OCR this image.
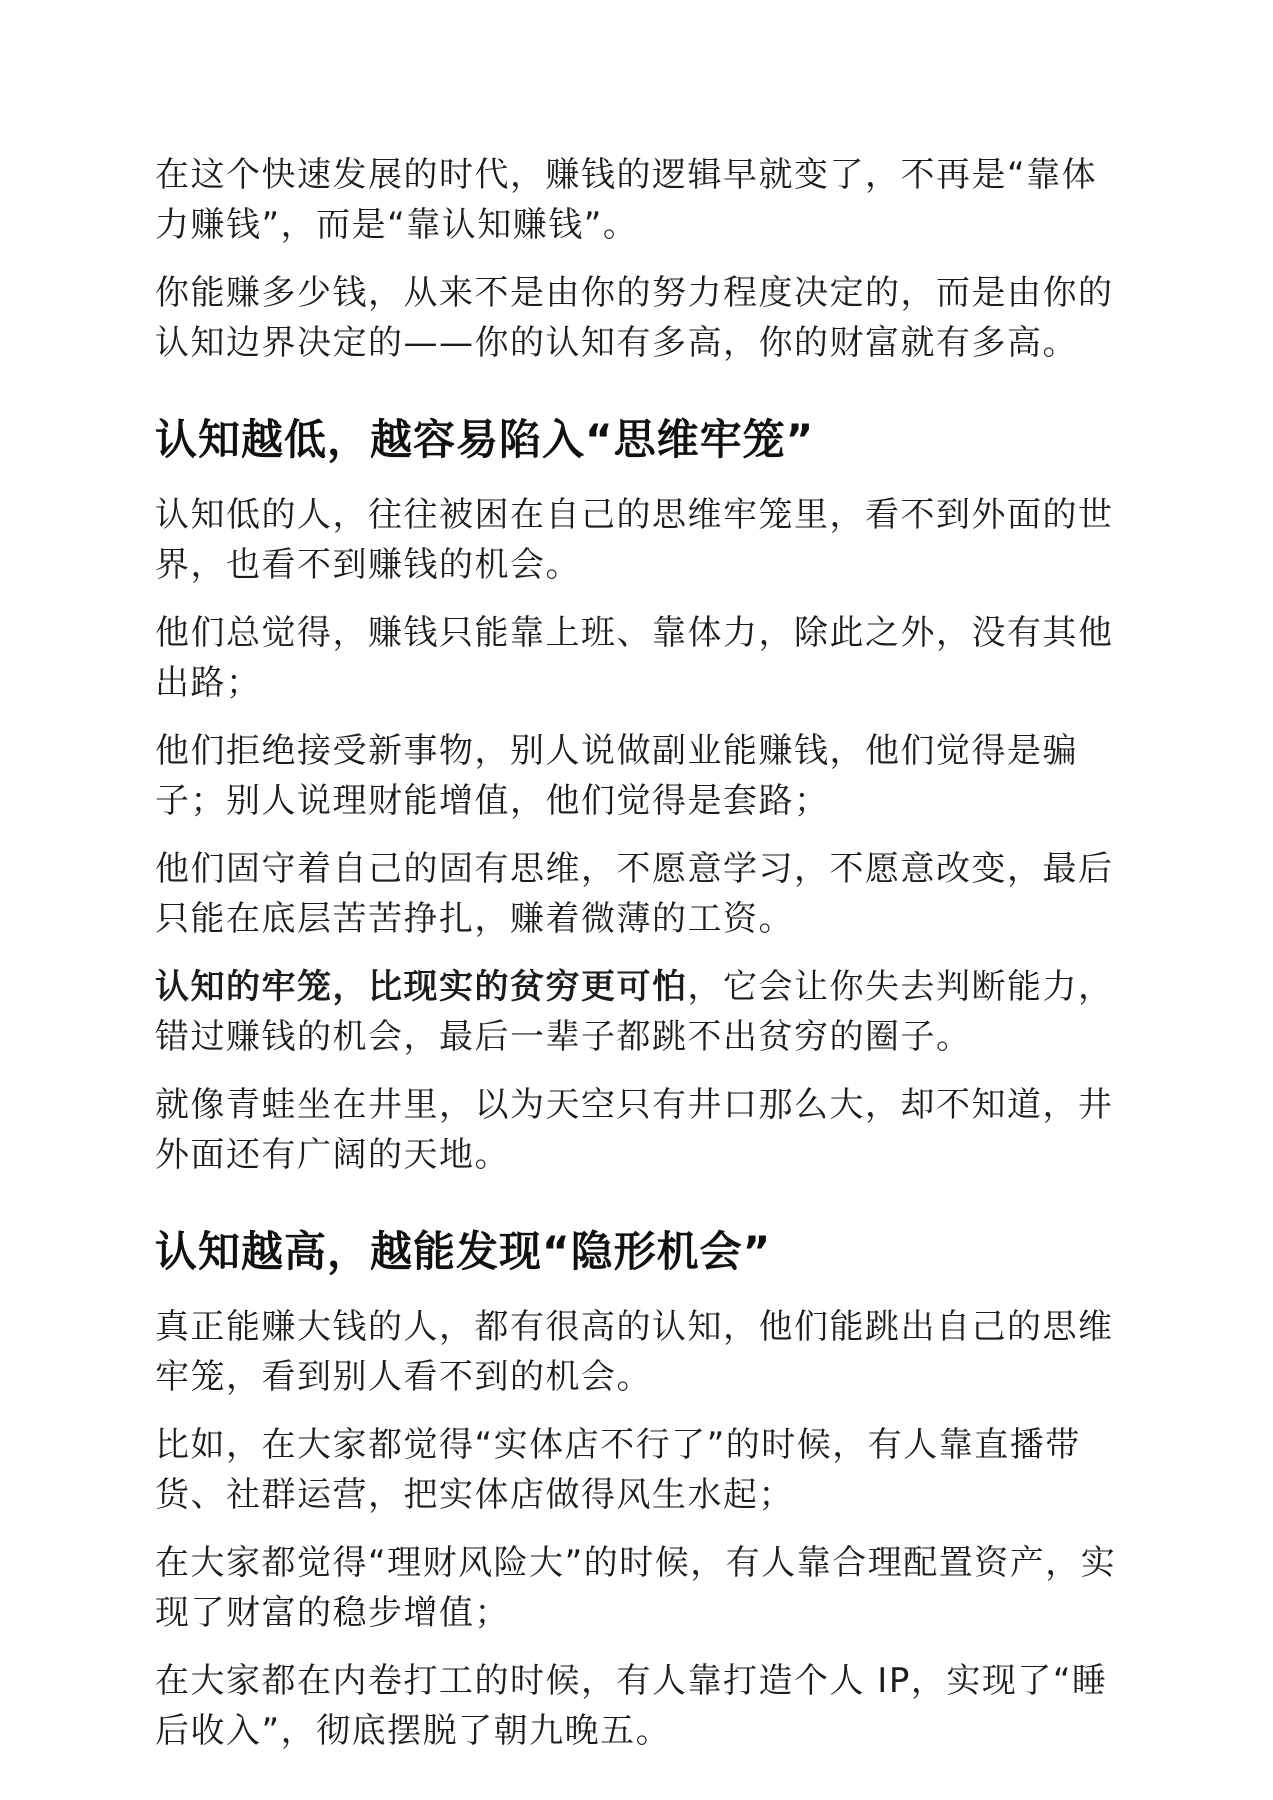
在这个快速发展的时代，赚钱的逻辑早就变了，不再是“靠体力赚钱”，而是“靠认知赚钱”。

你能赚多少钱，从来不是由你的努力程度决定的，而是由你的认知边界决定的——你的认知有多高，你的财富就有多高。

认知越低，越容易陷入“思维牢笼”

认知低的人，往往被困在自己的思维牢笼里，看不到外面的世界，也看不到赚钱的机会。

他们总觉得，赚钱只能靠上班、靠体力，除此之外，没有其他出路；

他们拒绝接受新事物，别人说做副业能赚钱，他们觉得是骗子；别人说理财能增值，他们觉得是套路；

他们固守着自己的固有思维，不愿意学习，不愿意改变，最后只能在底层苦苦挣扎，赚着微薄的工资。

认知的牢笼，比现实的贫穷更可怕，它会让你失去判断能力，错过赚钱的机会，最后一辈子都跳不出贫穷的圈子。

就像青蛙坐在井里，以为天空只有井口那么大，却不知道，井外面还有广阔的天地。

认知越高，越能发现“隐形机会”

真正能赚大钱的人，都有很高的认知，他们能跳出自己的思维牢笼，看到别人看不到的机会。

比如，在大家都觉得“实体店不行了”的时候，有人靠直播带货、社群运营，把实体店做得风生水起；

在大家都觉得“理财风险大”的时候，有人靠合理配置资产，实现了财富的稳步增值；

在大家都在内卷打工的时候，有人靠打造个人 IP，实现了“睡后收入”，彻底摆脱了朝九晚五。
